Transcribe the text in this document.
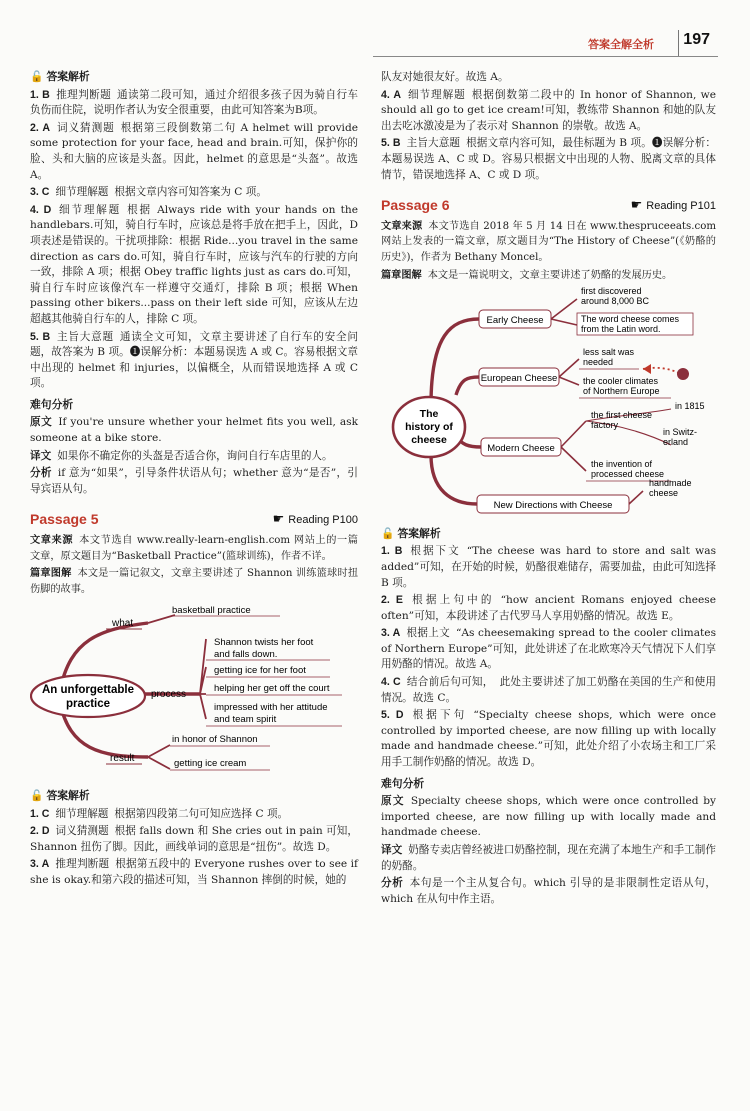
答案全解全析 197
🔓 答案解析
1. B 推理判断题 通读第二段可知，通过介绍很多孩子因为骑自行车负伤而住院，说明作者认为安全很重要，由此可知答案为B项。
2. A 词义猜测题 根据第三段倒数第二句 A helmet will provide some protection for your face, head and brain.可知，保护你的脸、头和大脑的应该是头盔。因此，helmet 的意思是“头盔”。故选A。
3. C 细节理解题 根据文章内容可知答案为 C 项。
4. D 细节理解题 根据 Always ride with your hands on the handlebars.可知，骑自行车时，应该总是将手放在把手上，因此，D 项表述是错误的。干扰项排除：根据 Ride...you travel in the same direction as cars do.可知，骑自行车时，应该与汽车的行驶的方向一致，排除 A 项；根据 Obey traffic lights just as cars do.可知，骑自行车时应该像汽车一样遵守交通灯，排除 B 项；根据 When passing other bikers...pass on their left side 可知，应该从左边超越其他骑自行车的人，排除 C 项。
5. B 主旨大意题 通读全文可知，文章主要讲述了自行车的安全问题，故答案为 B 项。❶误解分析：本题易误选 A 或 C。容易根据文章中出现的 helmet 和 injuries，以偏概全，从而错误地选择 A 或 C 项。
难句分析
原文 If you're unsure whether your helmet fits you well, ask someone at a bike store.
译文 如果你不确定你的头盔是否适合你，询问自行车店里的人。
分析 if 意为“如果”，引导条件状语从句；whether 意为“是否”，引导宾语从句。
Passage 5	☛ Reading P100
文章来源 本文节选自 www.really-learn-english.com 网站上的一篇文章，原文题目为“Basketball Practice”(篮球训练)，作者不详。
篇章图解 本文是一篇记叙文，文章主要讲述了 Shannon 训练篮球时扭伤脚的故事。
An unforgettable
practice
what
basketball practice
process
Shannon twists her foot
and falls down.
getting ice for her foot
helping her get off the court
impressed with her attitude
and team spirit
result
in honor of Shannon
getting ice cream
🔓 答案解析
1. C 细节理解题 根据第四段第二句可知应选择 C 项。
2. D 词义猜测题 根据 falls down 和 She cries out in pain 可知，Shannon 扭伤了脚。因此，画线单词的意思是“扭伤”。故选 D。
3. A 推理判断题 根据第五段中的 Everyone rushes over to see if she is okay.和第六段的描述可知，当 Shannon 摔倒的时候，她的
队友对她很友好。故选 A。
4. A 细节理解题 根据倒数第二段中的 In honor of Shannon, we should all go to get ice cream!可知，教练带 Shannon 和她的队友出去吃冰激凌是为了表示对 Shannon 的崇敬。故选 A。
5. B 主旨大意题 根据文章内容可知，最佳标题为 B 项。❶误解分析：本题易误选 A、C 或 D。容易只根据文中出现的人物、脱离文章的具体情节，错误地选择 A、C 或 D 项。
Passage 6	☛ Reading P101
文章来源 本文节选自 2018 年 5 月 14 日在 www.thespruceeats.com 网站上发表的一篇文章，原文题目为“The History of Cheese”(《奶酪的历史》)，作者为 Bethany Moncel。
篇章图解 本文是一篇说明文，文章主要讲述了奶酪的发展历史。
The
history of
cheese
Early Cheese
European Cheese
Modern Cheese
New Directions with Cheese
first discovered
around 8,000 BC
The word cheese comes
from the Latin word.
less salt was
needed
the cooler climates
of Northern Europe
the first cheese
factory
in 1815
in Switz-
erland
the invention of
processed cheese
handmade
cheese
🔓 答案解析
1. B 根据下文 “The cheese was hard to store and salt was added”可知，在开始的时候，奶酪很难储存，需要加盐，由此可知选择 B 项。
2. E 根据上句中的 “how ancient Romans enjoyed cheese often”可知，本段讲述了古代罗马人享用奶酪的情况。故选 E。
3. A 根据上文 “As cheesemaking spread to the cooler climates of Northern Europe”可知，此处讲述了在北欧寒冷天气情况下人们享用奶酪的情况。故选 A。
4. C 结合前后句可知， 此处主要讲述了加工奶酪在美国的生产和使用情况。故选 C。
5. D 根据下句 “Specialty cheese shops, which were once controlled by imported cheese, are now filling up with locally made and handmade cheese.”可知，此处介绍了小农场主和工厂采用手工制作奶酪的情况。故选 D。
难句分析
原文 Specialty cheese shops, which were once controlled by imported cheese, are now filling up with locally made and handmade cheese.
译文 奶酪专卖店曾经被进口奶酪控制，现在充满了本地生产和手工制作的奶酪。
分析 本句是一个主从复合句。which 引导的是非限制性定语从句，which 在从句中作主语。
